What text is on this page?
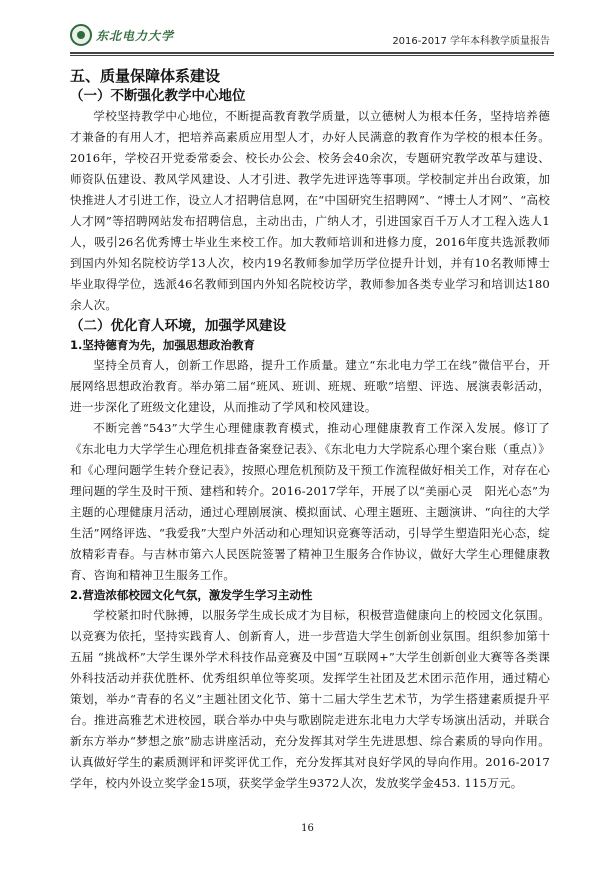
东北电力大学	2016-2017 学年本科教学质量报告
五、质量保障体系建设
（一）不断强化教学中心地位

学校坚持教学中心地位，不断提高教育教学质量，以立德树人为根本任务，坚持培养德才兼备的有用人才，把培养高素质应用型人才，办好人民满意的教育作为学校的根本任务。2016年，学校召开党委常委会、校长办公会、校务会40余次，专题研究教学改革与建设、师资队伍建设、教风学风建设、人才引进、教学先进评选等事项。学校制定并出台政策，加快推进人才引进工作，设立人才招聘信息网，在“中国研究生招聘网”、“博士人才网”、“高校人才网”等招聘网站发布招聘信息，主动出击，广纳人才，引进国家百千万人才工程入选人1人，吸引26名优秀博士毕业生来校工作。加大教师培训和进修力度，2016年度共选派教师到国内外知名院校访学13人次，校内19名教师参加学历学位提升计划，并有10名教师博士毕业取得学位，选派46名教师到国内外知名院校访学，教师参加各类专业学习和培训达180余人次。

（二）优化育人环境，加强学风建设
1.坚持德育为先，加强思想政治教育

坚持全员育人，创新工作思路，提升工作质量。建立“东北电力学工在线”微信平台，开展网络思想政治教育。举办第二届“班风、班训、班规、班歌”培塑、评选、展演表彰活动，进一步深化了班级文化建设，从而推动了学风和校风建设。

不断完善“543”大学生心理健康教育模式，推动心理健康教育工作深入发展。修订了《东北电力大学学生心理危机排查备案登记表》、《东北电力大学院系心理个案台账（重点）》和《心理问题学生转介登记表》，按照心理危机预防及干预工作流程做好相关工作，对存在心理问题的学生及时干预、建档和转介。2016-2017学年，开展了以“美丽心灵　阳光心态”为主题的心理健康月活动，通过心理剧展演、模拟面试、心理主题班、主题演讲、“向往的大学生活”网络评选、“我爱我”大型户外活动和心理知识竞赛等活动，引导学生塑造阳光心态，绽放精彩青春。与吉林市第六人民医院签署了精神卫生服务合作协议，做好大学生心理健康教育、咨询和精神卫生服务工作。

2.营造浓郁校园文化气氛，激发学生学习主动性

学校紧扣时代脉搏，以服务学生成长成才为目标，积极营造健康向上的校园文化氛围。以竞赛为依托，坚持实践育人、创新育人，进一步营造大学生创新创业氛围。组织参加第十五届 “挑战杯”大学生课外学术科技作品竞赛及中国“互联网+”大学生创新创业大赛等各类课外科技活动并获优胜杯、优秀组织单位等奖项。发挥学生社团及艺术团示范作用，通过精心策划，举办“青春的名义”主题社团文化节、第十二届大学生艺术节，为学生搭建素质提升平台。推进高雅艺术进校园，联合举办中央与歌剧院走进东北电力大学专场演出活动，并联合新东方举办“梦想之旅”励志讲座活动，充分发挥其对学生先进思想、综合素质的导向作用。认真做好学生的素质测评和评奖评优工作，充分发挥其对良好学风的导向作用。2016-2017学年，校内外设立奖学金15项，获奖学金学生9372人次，发放奖学金453. 115万元。

16
